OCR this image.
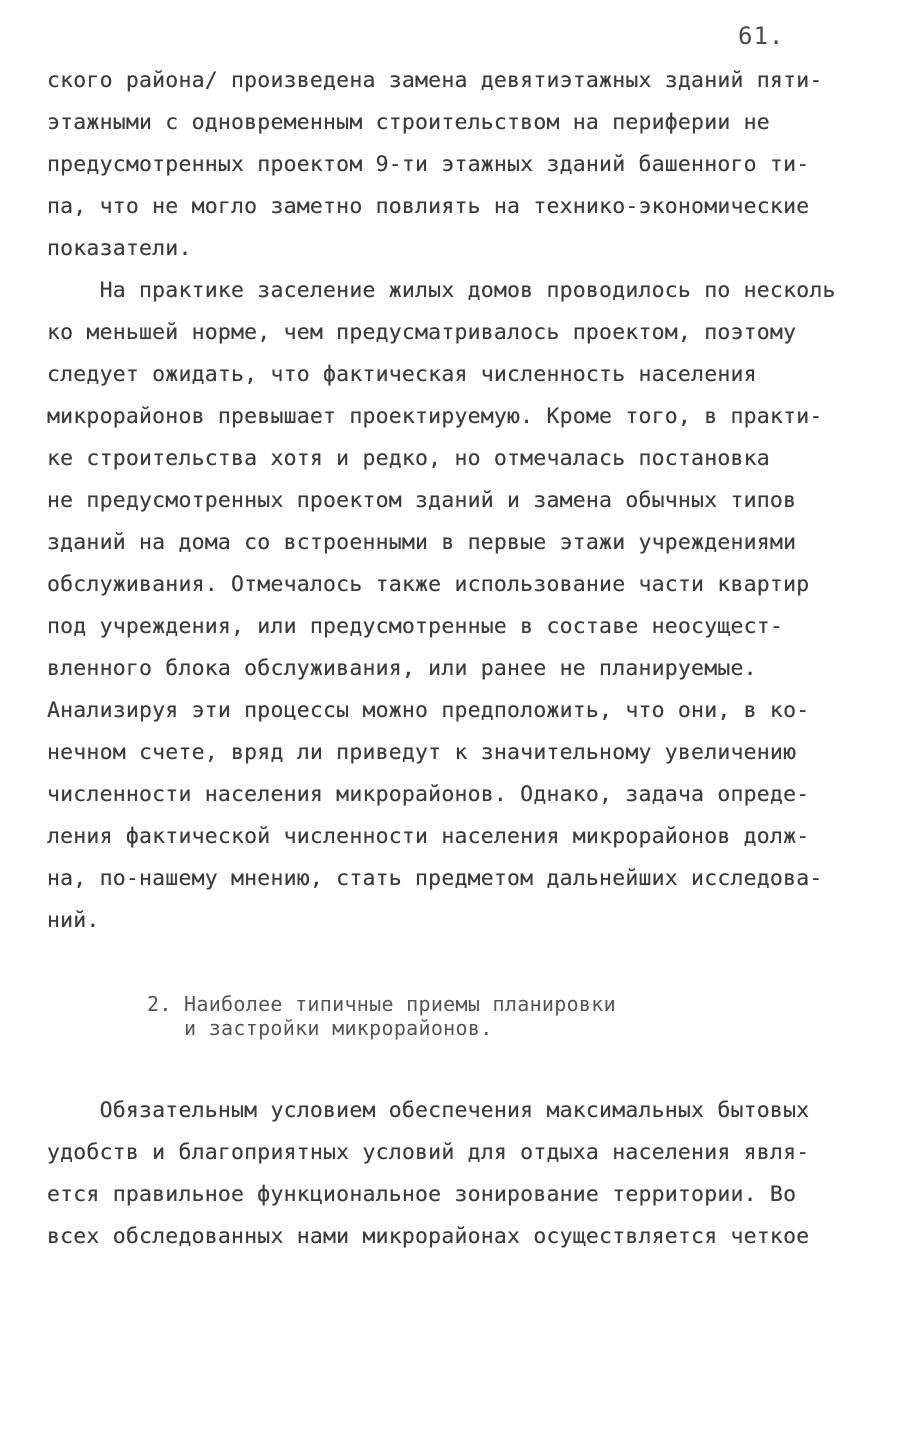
61.
ского района/ произведена замена девятиэтажных зданий пяти-
этажными с одновременным строительством на периферии не
предусмотренных проектом 9-ти этажных зданий башенного ти-
па, что не могло заметно повлиять на технико-экономические
показатели.
На практике заселение жилых домов проводилось по несколь
ко меньшей норме, чем предусматривалось проектом, поэтому
следует ожидать, что фактическая численность населения
микрорайонов превышает проектируемую. Кроме того, в практи-
ке строительства хотя и редко, но отмечалась постановка
не предусмотренных проектом зданий и замена обычных типов
зданий на дома со встроенными в первые этажи учреждениями
обслуживания. Отмечалось также использование части квартир
под учреждения, или предусмотренные в составе неосущест-
вленного блока обслуживания, или ранее не планируемые.
Анализируя эти процессы можно предположить, что они, в ко-
нечном счете, вряд ли приведут к значительному увеличению
численности населения микрорайонов. Однако, задача опреде-
ления фактической численности населения микрорайонов долж-
на, по-нашему мнению, стать предметом дальнейших исследова-
ний.
2. Наиболее типичные приемы планировки
и застройки микрорайонов.
Обязательным условием обеспечения максимальных бытовых
удобств и благоприятных условий для отдыха населения явля-
ется правильное функциональное зонирование территории. Во
всех обследованных нами микрорайонах осуществляется четкое
